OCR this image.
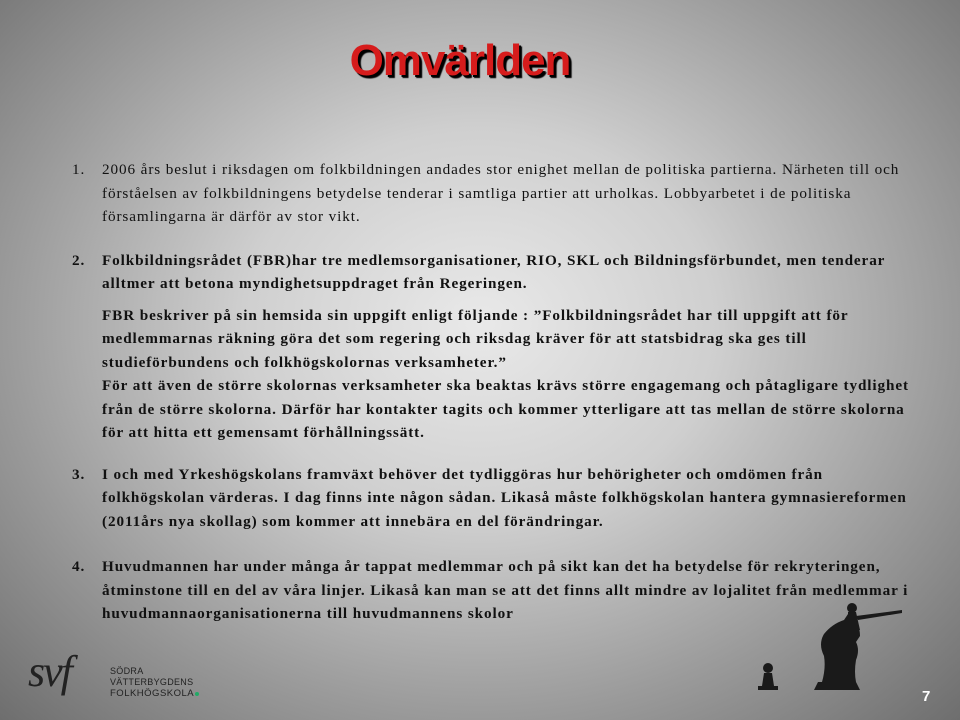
Omvärlden
1. 2006 års beslut i riksdagen om folkbildningen andades stor enighet mellan de politiska partierna. Närheten till och förståelsen av folkbildningens betydelse tenderar i samtliga partier att urholkas. Lobbyarbetet i de politiska församlingarna är därför av stor vikt.
2. Folkbildningsrådet (FBR)har tre medlemsorganisationer, RIO, SKL och Bildningsförbundet, men tenderar alltmer att betona myndighetsuppdraget från Regeringen.
FBR beskriver på sin hemsida sin uppgift enligt följande : ”Folkbildningsrådet har till uppgift att för medlemmarnas räkning göra det som regering och riksdag kräver för att statsbidrag ska ges till studieförbundens och folkhögskolornas verksamheter.”
För att även de större skolornas verksamheter ska beaktas krävs större engagemang och påtagligare tydlighet från de större skolorna. Därför har kontakter tagits och kommer ytterligare att tas mellan de större skolorna för att hitta ett gemensamt förhållningssätt.
3. I och med Yrkeshögskolans framväxt behöver det tydliggöras hur behörigheter och omdömen från folkhögskolan värderas. I dag finns inte någon sådan. Likaså måste folkhögskolan hantera gymnasiereformen (2011års nya skollag) som kommer att innebära en del förändringar.
4. Huvudmannen har under många år tappat medlemmar och på sikt kan det ha betydelse för rekryteringen, åtminstone till en del av våra linjer. Likaså kan man se att det finns allt mindre av lojalitet från medlemmar i huvudmannaorganisationerna till huvudmannens skolor
svf	SÖDRA VÄTTERBYGDENS
FOLKHÖGSKOLA	7
